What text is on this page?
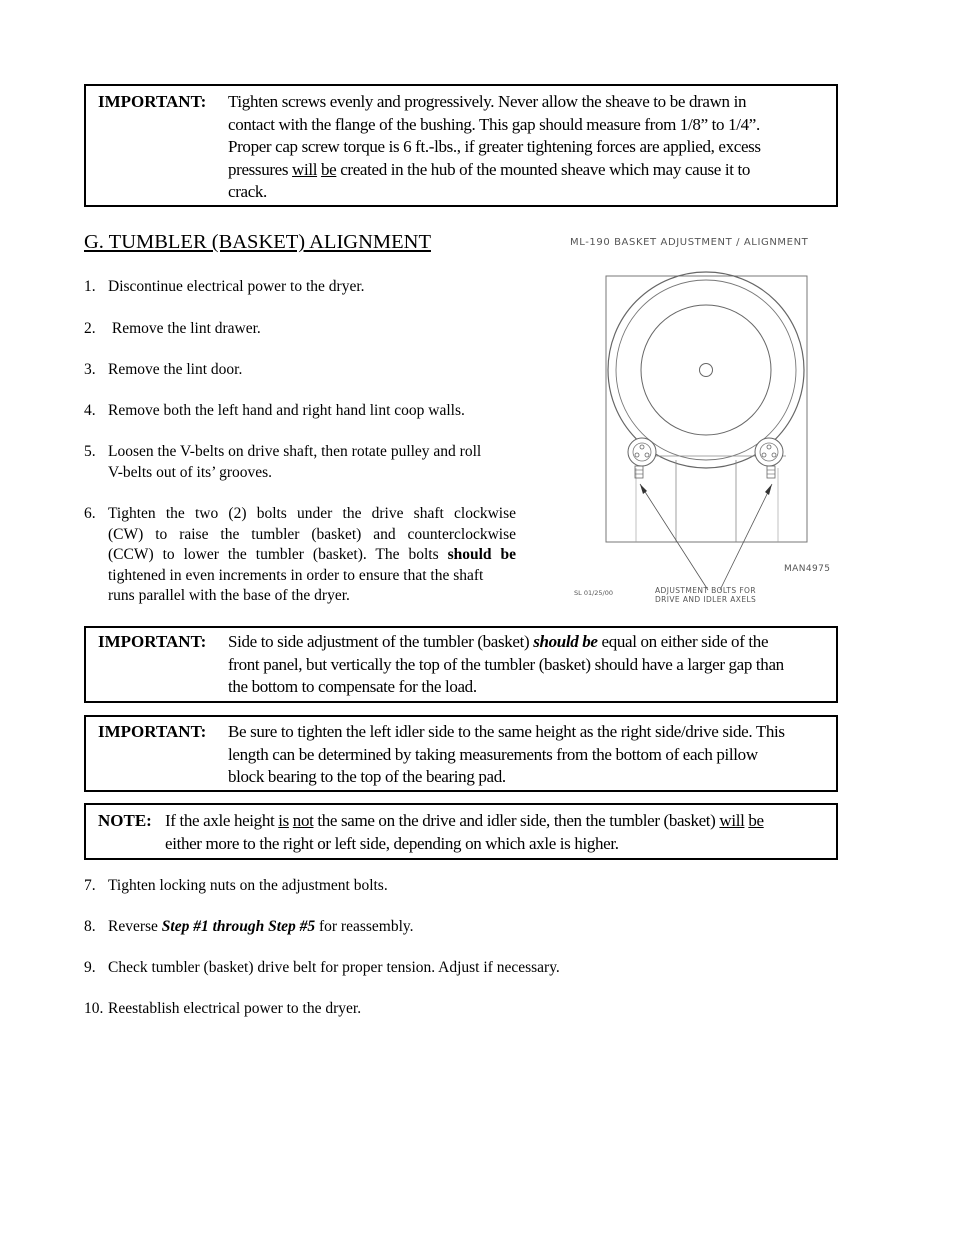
IMPORTANT: Tighten screws evenly and progressively. Never allow the sheave to be drawn in
contact with the flange of the bushing. This gap should measure from 1/8” to 1/4”.
Proper cap screw torque is 6 ft.-lbs., if greater tightening forces are applied, excess
pressures will be created in the hub of the mounted sheave which may cause it to
crack.
G. TUMBLER (BASKET) ALIGNMENT	ML-190 BASKET ADJUSTMENT / ALIGNMENT
MAN4975
SL 01/25/00	ADJUSTMENT BOLTS FOR
DRIVE AND IDLER AXELS
1. Discontinue electrical power to the dryer.
2. Remove the lint drawer.
3. Remove the lint door.
4. Remove both the left hand and right hand lint coop walls.
5. Loosen the V-belts on drive shaft, then rotate pulley and roll
V-belts out of its’ grooves.
6. Tighten the two (2) bolts under the drive shaft clockwise
(CW) to raise the tumbler (basket) and counterclockwise
(CCW) to lower the tumbler (basket). The bolts should be
tightened in even increments in order to ensure that the shaft
runs parallel with the base of the dryer.
IMPORTANT: Side to side adjustment of the tumbler (basket) should be equal on either side of the
front panel, but vertically the top of the tumbler (basket) should have a larger gap than
the bottom to compensate for the load.
IMPORTANT: Be sure to tighten the left idler side to the same height as the right side/drive side. This
length can be determined by taking measurements from the bottom of each pillow
block bearing to the top of the bearing pad.
NOTE: If the axle height is not the same on the drive and idler side, then the tumbler (basket) will be
either more to the right or left side, depending on which axle is higher.
7. Tighten locking nuts on the adjustment bolts.
8. Reverse Step #1 through Step #5 for reassembly.
9. Check tumbler (basket) drive belt for proper tension. Adjust if necessary.
10. Reestablish electrical power to the dryer.
